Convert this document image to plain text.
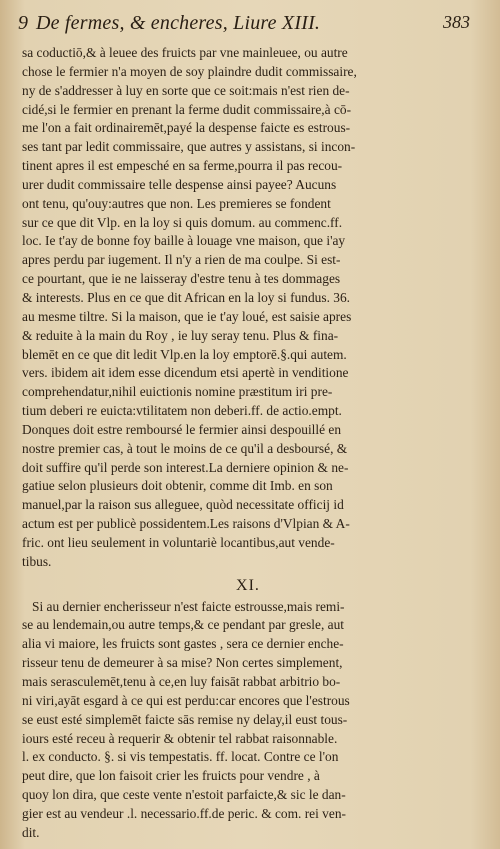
9 De fermes, & encheres, Liure XIII.	383
sa coductiō,& à leuee des fruicts par vne mainleuee, ou autre
chose le fermier n'a moyen de soy plaindre dudit commissaire,
ny de s'addresser à luy en sorte que ce soit:mais n'est rien de-
cidé,si le fermier en prenant la ferme dudit commissaire,à cō-
me l'on a fait ordinairemēt,payé la despense faicte es estrous-
ses tant par ledit commissaire, que autres y assistans, si incon-
tinent apres il est empesché en sa ferme,pourra il pas recou-
urer dudit commissaire telle despense ainsi payee? Aucuns
ont tenu, qu'ouy:autres que non. Les premieres se fondent
sur ce que dit Vlp. en la loy si quis domum. au commenc.ff.
loc. Ie t'ay de bonne foy baille à louage vne maison, que i'ay
apres perdu par iugement. Il n'y a rien de ma coulpe. Si est-
ce pourtant, que ie ne laisseray d'estre tenu à tes dommages
& interests. Plus en ce que dit African en la loy si fundus. 36.
au mesme tiltre. Si la maison, que ie t'ay loué, est saisie apres
& reduite à la main du Roy , ie luy seray tenu. Plus & fina-
blemēt en ce que dit ledit Vlp.en la loy emptorē.§.qui autem.
vers. ibidem ait idem esse dicendum etsi apertè in venditione
comprehendatur,nihil euictionis nomine præstitum iri pre-
tium deberi re euicta:vtilitatem non deberi.ff. de actio.empt.
Donques doit estre remboursé le fermier ainsi despouillé en
nostre premier cas, à tout le moins de ce qu'il a desboursé, &
doit suffire qu'il perde son interest.La derniere opinion & ne-
gatiue selon plusieurs doit obtenir, comme dit Imb. en son
manuel,par la raison sus alleguee, quòd necessitate officij id
actum est per publicè possidentem.Les raisons d'Vlpian & A-
fric. ont lieu seulement in voluntariè locantibus,aut vende-
tibus.
XI.
Si au dernier encherisseur n'est faicte estrousse,mais remi-
se au lendemain,ou autre temps,& ce pendant par gresle, aut
alia vi maiore, les fruicts sont gastes , sera ce dernier enche-
risseur tenu de demeurer à sa mise? Non certes simplement,
mais serasculemēt,tenu à ce,en luy faisāt rabbat arbitrio bo-
ni viri,ayāt esgard à ce qui est perdu:car encores que l'estrous
se eust esté simplemēt faicte sās remise ny delay,il eust tous-
iours esté receu à requerir & obtenir tel rabbat raisonnable.
l. ex conducto. §. si vis tempestatis. ff. locat. Contre ce l'on
peut dire, que lon faisoit crier les fruicts pour vendre , à
quoy lon dira, que ceste vente n'estoit parfaicte,& sic le dan-
gier est au vendeur .l. necessario.ff.de peric. & com. rei ven-
dit.
